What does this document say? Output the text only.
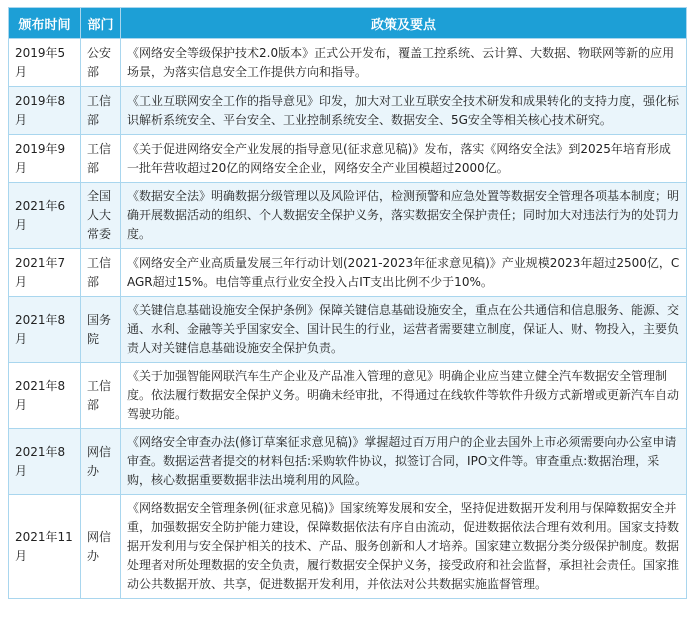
颁布时间	部门	政策及要点
2019年5月	公安部	《网络安全等级保护技术2.0版本》正式公开发布，覆盖工控系统、云计算、大数据、物联网等新的应用场景，为落实信息安全工作提供方向和指导。
2019年8月	工信部	《工业互联网安全工作的指导意见》印发，加大对工业互联安全技术研发和成果转化的支持力度，强化标识解析系统安全、平台安全、工业控制系统安全、数据安全、5G安全等相关核心技术研究。
2019年9月	工信部	《关于促进网络安全产业发展的指导意见(征求意见稿)》发布，落实《网络安全法》到2025年培育形成一批年营收超过20亿的网络安全企业，网络安全产业囯模超过2000亿。
2021年6月	全国人大常委	《数据安全法》明确数据分级管理以及风险评估，检测预警和应急处置等数据安全管理各项基本制度；明确开展数据活动的组织、个人数据安全保护义务，落实数据安全保护责任；同时加大对违法行为的处罚力度。
2021年7月	工信部	《网络安全产业高质量发展三年行动计划(2021-2023年征求意见稿)》产业规模2023年超过2500亿，CAGR超过15%。电信等重点行业安全投入占IT支出比例不少于10%。
2021年8月	国务院	《关键信息基础设施安全保护条例》保障关键信息基础设施安全，重点在公共通信和信息服务、能源、交通、水利、金融等关乎国家安全、国计民生的行业，运营者需要建立制度，保证人、财、物投入，主要负责人对关键信息基础设施安全保护负责。
2021年8月	工信部	《关于加强智能网联汽车生产企业及产品准入管理的意见》明确企业应当建立健全汽车数据安全管理制度。依法履行数据安全保护义务。明确未经审批，不得通过在线软件等软件升级方式新增或更新汽车自动驾驶功能。
2021年8月	网信办	《网络安全审查办法(修订草案征求意见稿)》掌握超过百万用户的企业去国外上市必须需要向办公室申请审查。数据运营者提交的材料包括:采购软件协议，拟签订合同，IPO文件等。审查重点:数据治理，采购，核心数据重要数据非法出境利用的风险。
2021年11月	网信办	《网络数据安全管理条例(征求意见稿)》国家统筹发展和安全，坚持促进数据开发利用与保障数据安全并重，加强数据安全防护能力建设，保障数据依法有序自由流动，促进数据依法合理有效利用。国家支持数据开发利用与安全保护相关的技术、产品、服务创新和人才培养。国家建立数据分类分级保护制度。数据处理者对所处理数据的安全负责，履行数据安全保护义务，接受政府和社会监督，承担社会责任。国家推动公共数据开放、共享，促进数据开发利用，并依法对公共数据实施监督管理。
